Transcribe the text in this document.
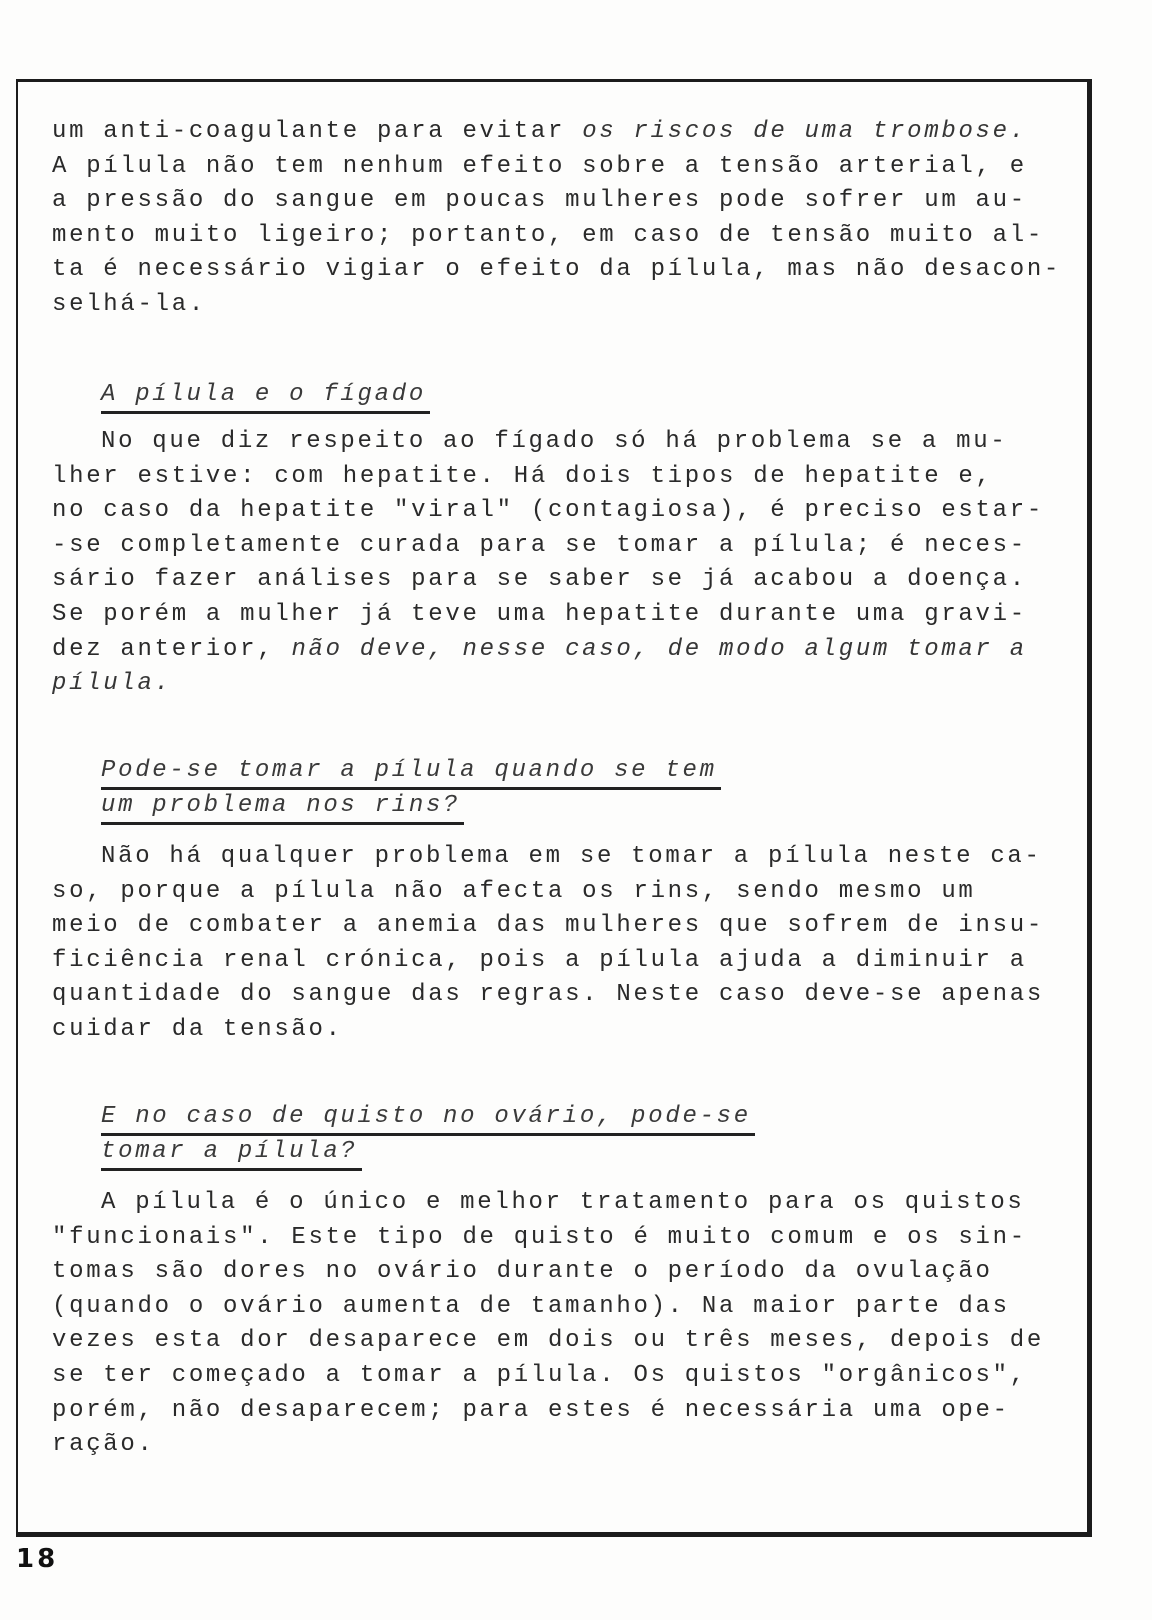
um anti-coagulante para evitar os riscos de uma trombose.
A pílula não tem nenhum efeito sobre a tensão arterial, e
a pressão do sangue em poucas mulheres pode sofrer um au-
mento muito ligeiro; portanto, em caso de tensão muito al-
ta é necessário vigiar o efeito da pílula, mas não desacon-
selhá-la.
A pílula e o fígado
No que diz respeito ao fígado só há problema se a mu-
lher estive: com hepatite. Há dois tipos de hepatite e,
no caso da hepatite "viral" (contagiosa), é preciso estar-
-se completamente curada para se tomar a pílula; é neces-
sário fazer análises para se saber se já acabou a doença.
Se porém a mulher já teve uma hepatite durante uma gravi-
dez anterior, não deve, nesse caso, de modo algum tomar a
pílula.
Pode-se tomar a pílula quando se tem
um problema nos rins?
Não há qualquer problema em se tomar a pílula neste ca-
so, porque a pílula não afecta os rins, sendo mesmo um
meio de combater a anemia das mulheres que sofrem de insu-
ficiência renal crónica, pois a pílula ajuda a diminuir a
quantidade do sangue das regras. Neste caso deve-se apenas
cuidar da tensão.
E no caso de quisto no ovário, pode-se
tomar a pílula?
A pílula é o único e melhor tratamento para os quistos
"funcionais". Este tipo de quisto é muito comum e os sin-
tomas são dores no ovário durante o período da ovulação
(quando o ovário aumenta de tamanho). Na maior parte das
vezes esta dor desaparece em dois ou três meses, depois de
se ter começado a tomar a pílula. Os quistos "orgânicos",
porém, não desaparecem; para estes é necessária uma ope-
ração.
18
